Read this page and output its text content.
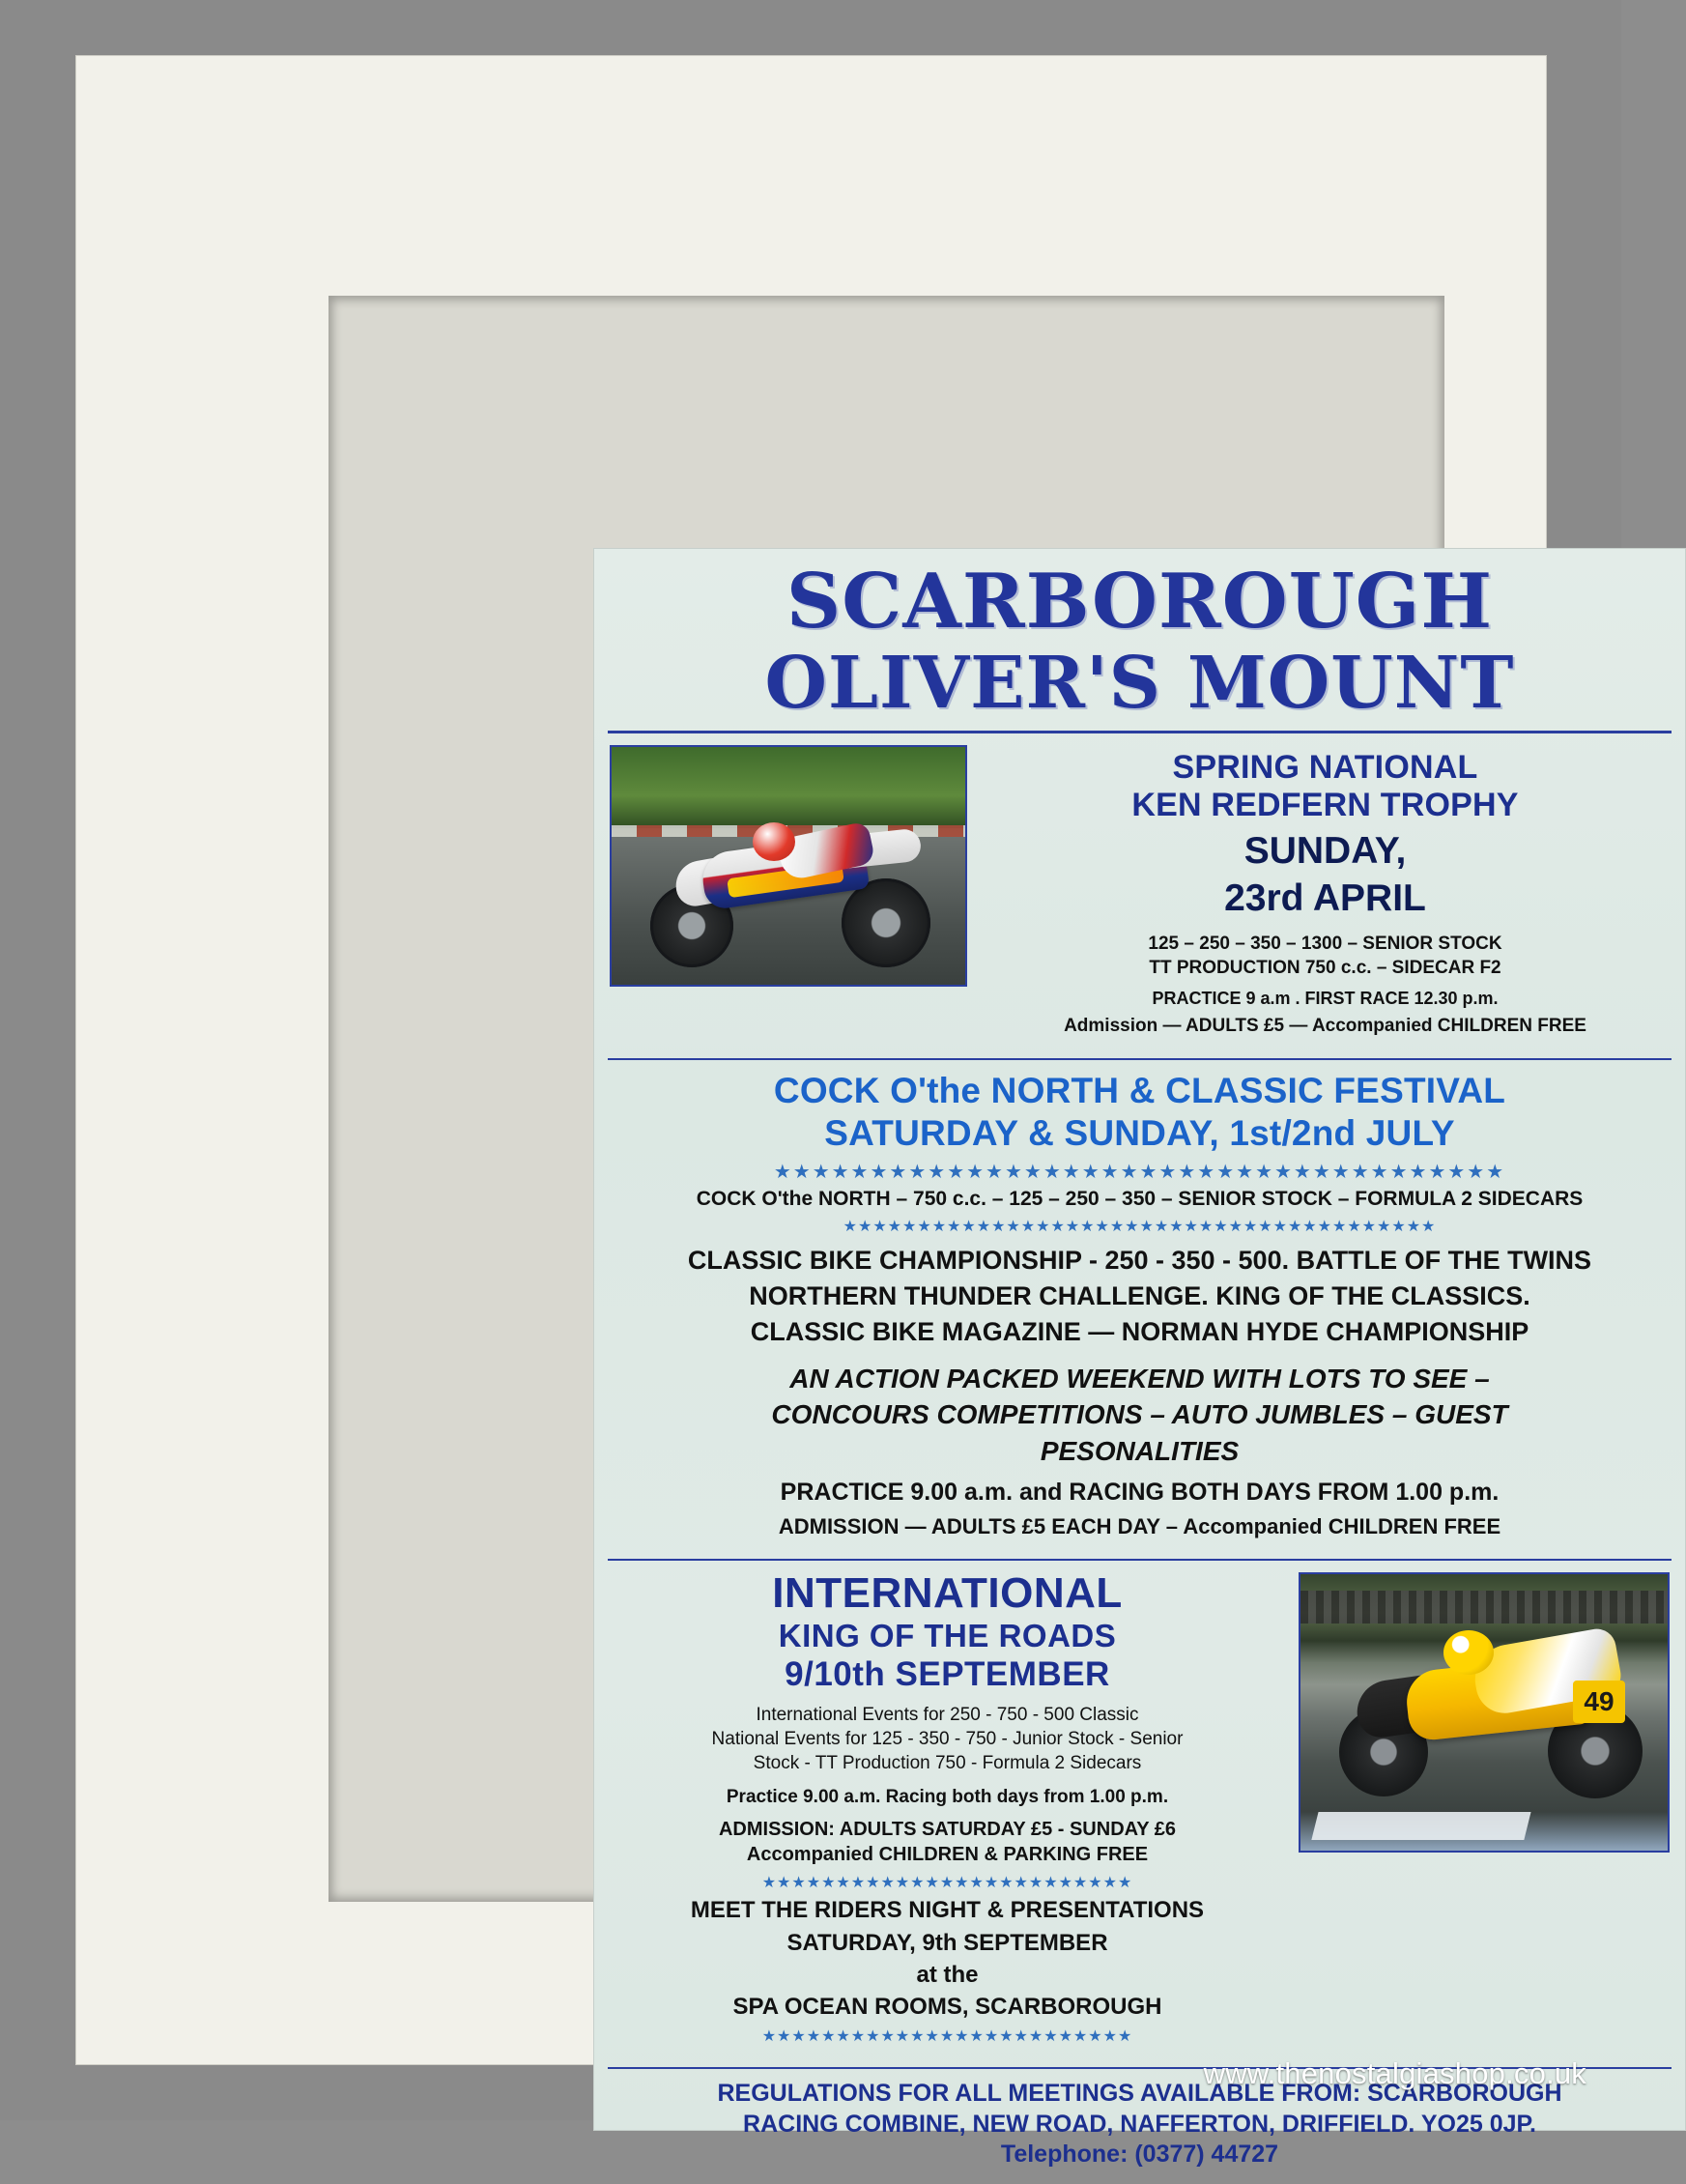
SCARBOROUGH
OLIVER'S MOUNT
SPRING NATIONAL
KEN REDFERN TROPHY
SUNDAY,
23rd APRIL
125 – 250 – 350 – 1300 – SENIOR STOCK
TT PRODUCTION 750 c.c. – SIDECAR F2
PRACTICE 9 a.m . FIRST RACE 12.30 p.m.
Admission — ADULTS £5 — Accompanied CHILDREN FREE
COCK O'the NORTH & CLASSIC FESTIVAL
SATURDAY & SUNDAY, 1st/2nd JULY
★★★★★★★★★★★★★★★★★★★★★★★★★★★★★★★★★★★★★★
COCK O'the NORTH – 750 c.c. – 125 – 250 – 350 – SENIOR STOCK – FORMULA 2 SIDECARS
★★★★★★★★★★★★★★★★★★★★★★★★★★★★★★★★★★★★★★★★
CLASSIC BIKE CHAMPIONSHIP - 250 - 350 - 500. BATTLE OF THE TWINS
NORTHERN THUNDER CHALLENGE. KING OF THE CLASSICS.
CLASSIC BIKE MAGAZINE — NORMAN HYDE CHAMPIONSHIP
AN ACTION PACKED WEEKEND WITH LOTS TO SEE –
CONCOURS COMPETITIONS – AUTO JUMBLES – GUEST
PESONALITIES
PRACTICE 9.00 a.m. and RACING BOTH DAYS FROM 1.00 p.m.
ADMISSION — ADULTS £5 EACH DAY – Accompanied CHILDREN FREE
INTERNATIONAL
KING OF THE ROADS
9/10th SEPTEMBER
International Events for 250 - 750 - 500 Classic
National Events for 125 - 350 - 750 - Junior Stock - Senior
Stock - TT Production 750 - Formula 2 Sidecars
Practice 9.00 a.m. Racing both days from 1.00 p.m.
ADMISSION: ADULTS SATURDAY £5 - SUNDAY £6
Accompanied CHILDREN & PARKING FREE
★★★★★★★★★★★★★★★★★★★★★★★★★
MEET THE RIDERS NIGHT & PRESENTATIONS
SATURDAY, 9th SEPTEMBER
at the
SPA OCEAN ROOMS, SCARBOROUGH
★★★★★★★★★★★★★★★★★★★★★★★★★
49
REGULATIONS FOR ALL MEETINGS AVAILABLE FROM: SCARBOROUGH
RACING COMBINE, NEW ROAD, NAFFERTON, DRIFFIELD. YO25 0JP.
Telephone: (0377) 44727
www.thenostalgiashop.co.uk
